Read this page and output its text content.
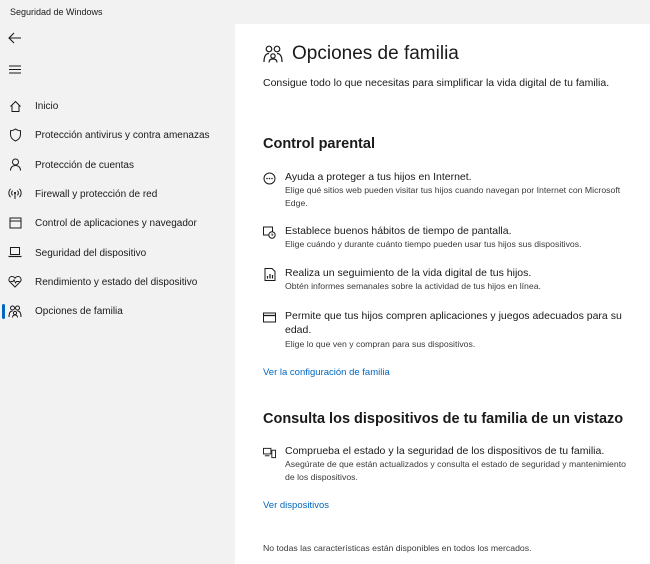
Seguridad de Windows
Inicio
Protección antivirus y contra amenazas
Protección de cuentas
Firewall y protección de red
Control de aplicaciones y navegador
Seguridad del dispositivo
Rendimiento y estado del dispositivo
Opciones de familia
Opciones de familia

Consigue todo lo que necesitas para simplificar la vida digital de tu familia.

Control parental
Ayuda a proteger a tus hijos en Internet.
Elige qué sitios web pueden visitar tus hijos cuando navegan por Internet con Microsoft Edge.
Establece buenos hábitos de tiempo de pantalla.
Elige cuándo y durante cuánto tiempo pueden usar tus hijos sus dispositivos.
Realiza un seguimiento de la vida digital de tus hijos.
Obtén informes semanales sobre la actividad de tus hijos en línea.
Permite que tus hijos compren aplicaciones y juegos adecuados para su edad.
Elige lo que ven y compran para sus dispositivos.
Ver la configuración de familia
Consulta los dispositivos de tu familia de un vistazo
Comprueba el estado y la seguridad de los dispositivos de tu familia.
Asegúrate de que están actualizados y consulta el estado de seguridad y mantenimiento de los dispositivos.
Ver dispositivos
No todas las características están disponibles en todos los mercados.
